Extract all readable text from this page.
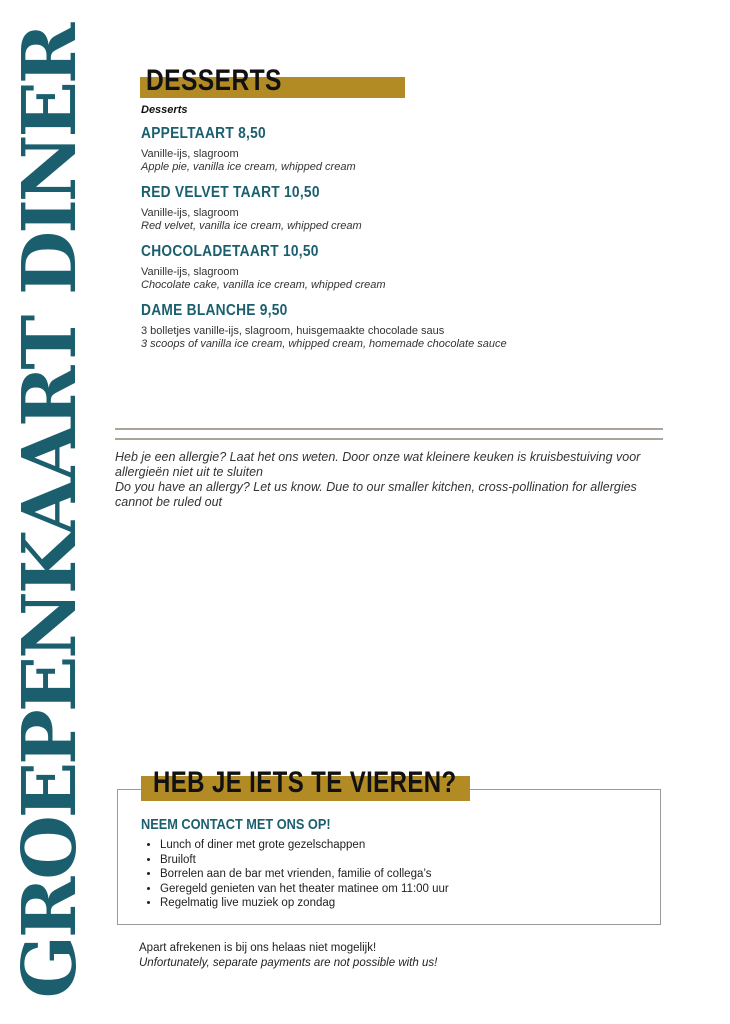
GROEPENKAART DINER DESSERTS
Desserts
APPELTAART 8,50
Vanille-ijs, slagroom
Apple pie, vanilla ice cream, whipped cream
RED VELVET TAART 10,50
Vanille-ijs, slagroom
Red velvet, vanilla ice cream, whipped cream
CHOCOLADETAART 10,50
Vanille-ijs, slagroom
Chocolate cake, vanilla ice cream, whipped cream
DAME BLANCHE 9,50
3 bolletjes vanille-ijs, slagroom, huisgemaakte chocolade saus
3 scoops of vanilla ice cream, whipped cream, homemade chocolate sauce
Heb je een allergie? Laat het ons weten. Door onze wat kleinere keuken is kruisbestuiving voor allergieën niet uit te sluiten
Do you have an allergy? Let us know. Due to our smaller kitchen, cross-pollination for allergies cannot be ruled out
HEB JE IETS TE VIEREN?
NEEM CONTACT MET ONS OP!
• Lunch of diner met grote gezelschappen
• Bruiloft
• Borrelen aan de bar met vrienden, familie of collega’s
• Geregeld genieten van het theater matinee om 11:00 uur
• Regelmatig live muziek op zondag
Apart afrekenen is bij ons helaas niet mogelijk!
Unfortunately, separate payments are not possible with us!
